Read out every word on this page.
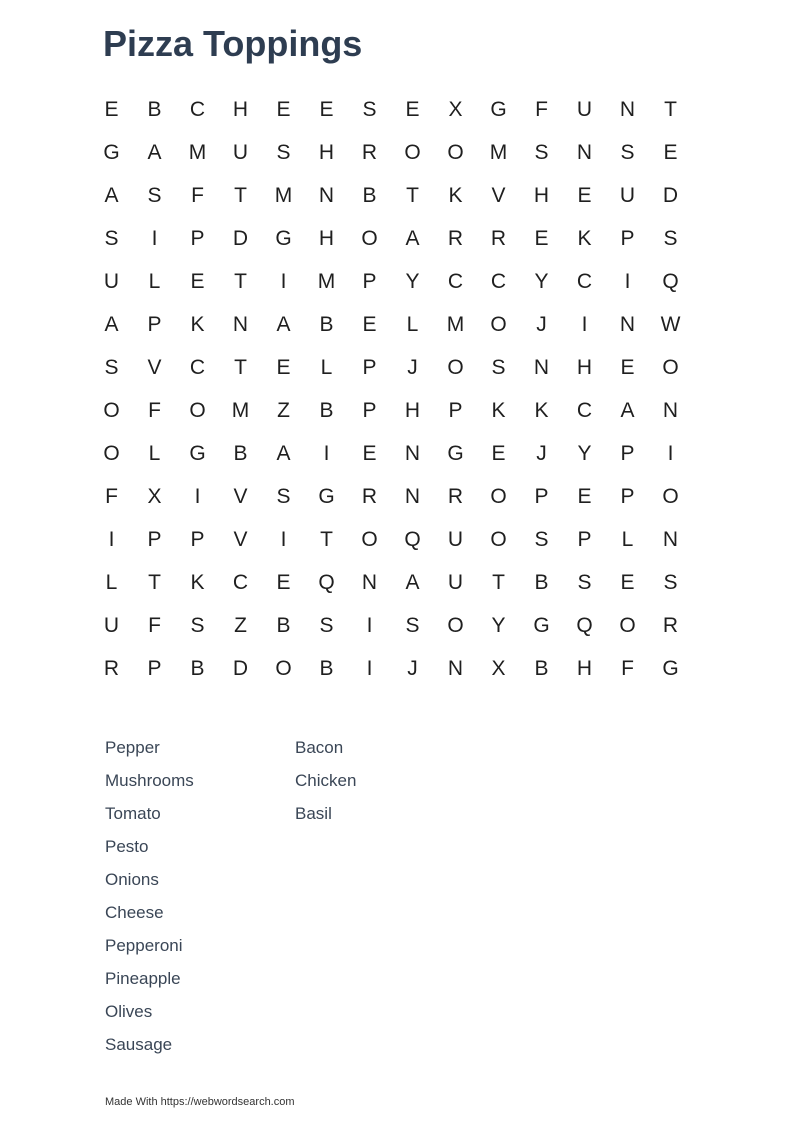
Pizza Toppings
E	B	C	H	E	E	S	E	X	G	F	U	N	T
G	A	M	U	S	H	R	O	O	M	S	N	S	E
A	S	F	T	M	N	B	T	K	V	H	E	U	D
S	I	P	D	G	H	O	A	R	R	E	K	P	S
U	L	E	T	I	M	P	Y	C	C	Y	C	I	Q
A	P	K	N	A	B	E	L	M	O	J	I	N	W
S	V	C	T	E	L	P	J	O	S	N	H	E	O
O	F	O	M	Z	B	P	H	P	K	K	C	A	N
O	L	G	B	A	I	E	N	G	E	J	Y	P	I
F	X	I	V	S	G	R	N	R	O	P	E	P	O
I	P	P	V	I	T	O	Q	U	O	S	P	L	N
L	T	K	C	E	Q	N	A	U	T	B	S	E	S
U	F	S	Z	B	S	I	S	O	Y	G	Q	O	R
R	P	B	D	O	B	I	J	N	X	B	H	F	G
Pepper
Mushrooms
Tomato
Pesto
Onions
Cheese
Pepperoni
Pineapple
Olives
Sausage
Bacon
Chicken
Basil
Made With https://webwordsearch.com
